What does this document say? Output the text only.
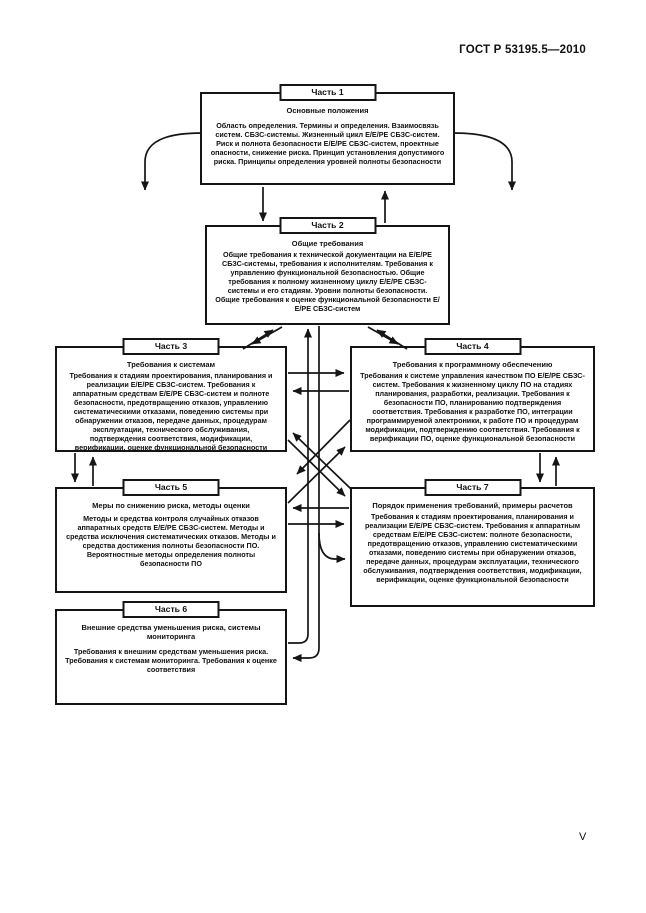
ГОСТ Р 53195.5—2010
Часть 1
Основные положения
Область определения. Термины и определения. Взаимосвязь систем. СБЗС-системы. Жизненный цикл Е/Е/РЕ СБЗС-систем. Риск и полнота безопасности Е/Е/РЕ СБЗС-систем, проектные опасности, снижение риска. Принцип установления допустимого риска. Принципы определения уровней полноты безопасности
Часть 2
Общие требования
Общие требования к технической документации на Е/Е/РЕ СБЗС-системы, требования к исполнителям. Требования к управлению функциональной безопасностью. Общие требования к полному жизненному циклу Е/Е/РЕ СБЗС-системы и его стадиям. Уровни полноты безопасности. Общие требования к оценке функциональной безопасности Е/Е/РЕ СБЗС-систем
Часть 3
Требования к системам
Требования к стадиям проектирования, планирования и реализации Е/Е/РЕ СБЗС-систем. Требования к аппаратным средствам Е/Е/РЕ СБЗС-систем и полноте безопасности, предотвращению отказов, управлению систематическими отказами, поведению системы при обнаружении отказов, передаче данных, процедурам эксплуатации, технического обслуживания, подтверждения соответствия, модификации, верификации, оценке функциональной безопасности
Часть 4
Требования к программному обеспечению
Требования к системе управления качеством ПО Е/Е/РЕ СБЗС-систем. Требования к жизненному циклу ПО на стадиях планирования, разработки, реализации. Требования к безопасности ПО, планированию подтверждения соответствия. Требования к разработке ПО, интеграции программируемой электроники, к работе ПО и процедурам модификации, подтверждению соответствия. Требования к верификации ПО, оценке функциональной безопасности
Часть 5
Меры по снижению риска, методы оценки
Методы и средства контроля случайных отказов аппаратных средств Е/Е/РЕ СБЗС-систем. Методы и средства исключения систематических отказов. Методы и средства достижения полноты безопасности ПО. Вероятностные методы определения полноты безопасности ПО
Часть 7
Порядок применения требований, примеры расчетов
Требования к стадиям проектирования, планирования и реализации Е/Е/РЕ СБЗС-систем. Требования к аппаратным средствам Е/Е/РЕ СБЗС-систем: полноте безопасности, предотвращению отказов, управлению систематическими отказами, поведению системы при обнаружении отказов, передаче данных, процедурам эксплуатации, технического обслуживания, подтверждения соответствия, модификации, верификации, оценке функциональной безопасности
Часть 6
Внешние средства уменьшения риска, системы мониторинга
Требования к внешним средствам уменьшения риска. Требования к системам мониторинга. Требования к оценке соответствия
V
